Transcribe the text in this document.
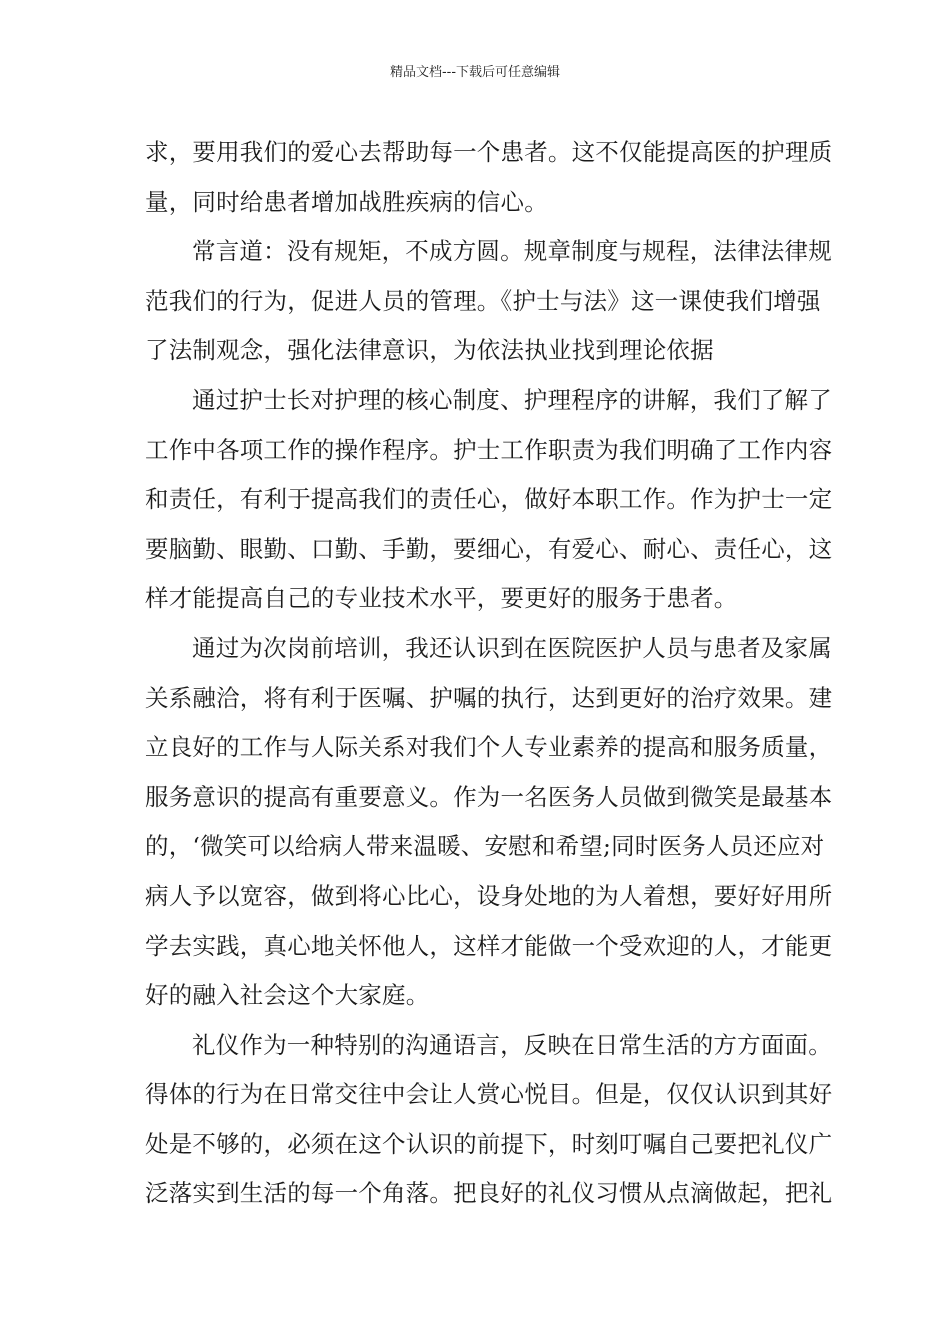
精品文档---下载后可任意编辑
求，要用我们的爱心去帮助每一个患者。这不仅能提高医的护理质
量，同时给患者增加战胜疾病的信心。
常言道：没有规矩，不成方圆。规章制度与规程，法律法律规
范我们的行为，促进人员的管理。《护士与法》这一课使我们增强
了法制观念，强化法律意识，为依法执业找到理论依据
通过护士长对护理的核心制度、护理程序的讲解，我们了解了
工作中各项工作的操作程序。护士工作职责为我们明确了工作内容
和责任，有利于提高我们的责任心，做好本职工作。作为护士一定
要脑勤、眼勤、口勤、手勤，要细心，有爱心、耐心、责任心，这
样才能提高自己的专业技术水平，要更好的服务于患者。
通过为次岗前培训，我还认识到在医院医护人员与患者及家属
关系融洽，将有利于医嘱、护嘱的执行，达到更好的治疗效果。建
立良好的工作与人际关系对我们个人专业素养的提高和服务质量，
服务意识的提高有重要意义。作为一名医务人员做到微笑是最基本
的，‘微笑可以给病人带来温暖、安慰和希望;同时医务人员还应对
病人予以宽容，做到将心比心，设身处地的为人着想，要好好用所
学去实践，真心地关怀他人，这样才能做一个受欢迎的人，才能更
好的融入社会这个大家庭。
礼仪作为一种特别的沟通语言，反映在日常生活的方方面面。
得体的行为在日常交往中会让人赏心悦目。但是，仅仅认识到其好
处是不够的，必须在这个认识的前提下，时刻叮嘱自己要把礼仪广
泛落实到生活的每一个角落。把良好的礼仪习惯从点滴做起，把礼
